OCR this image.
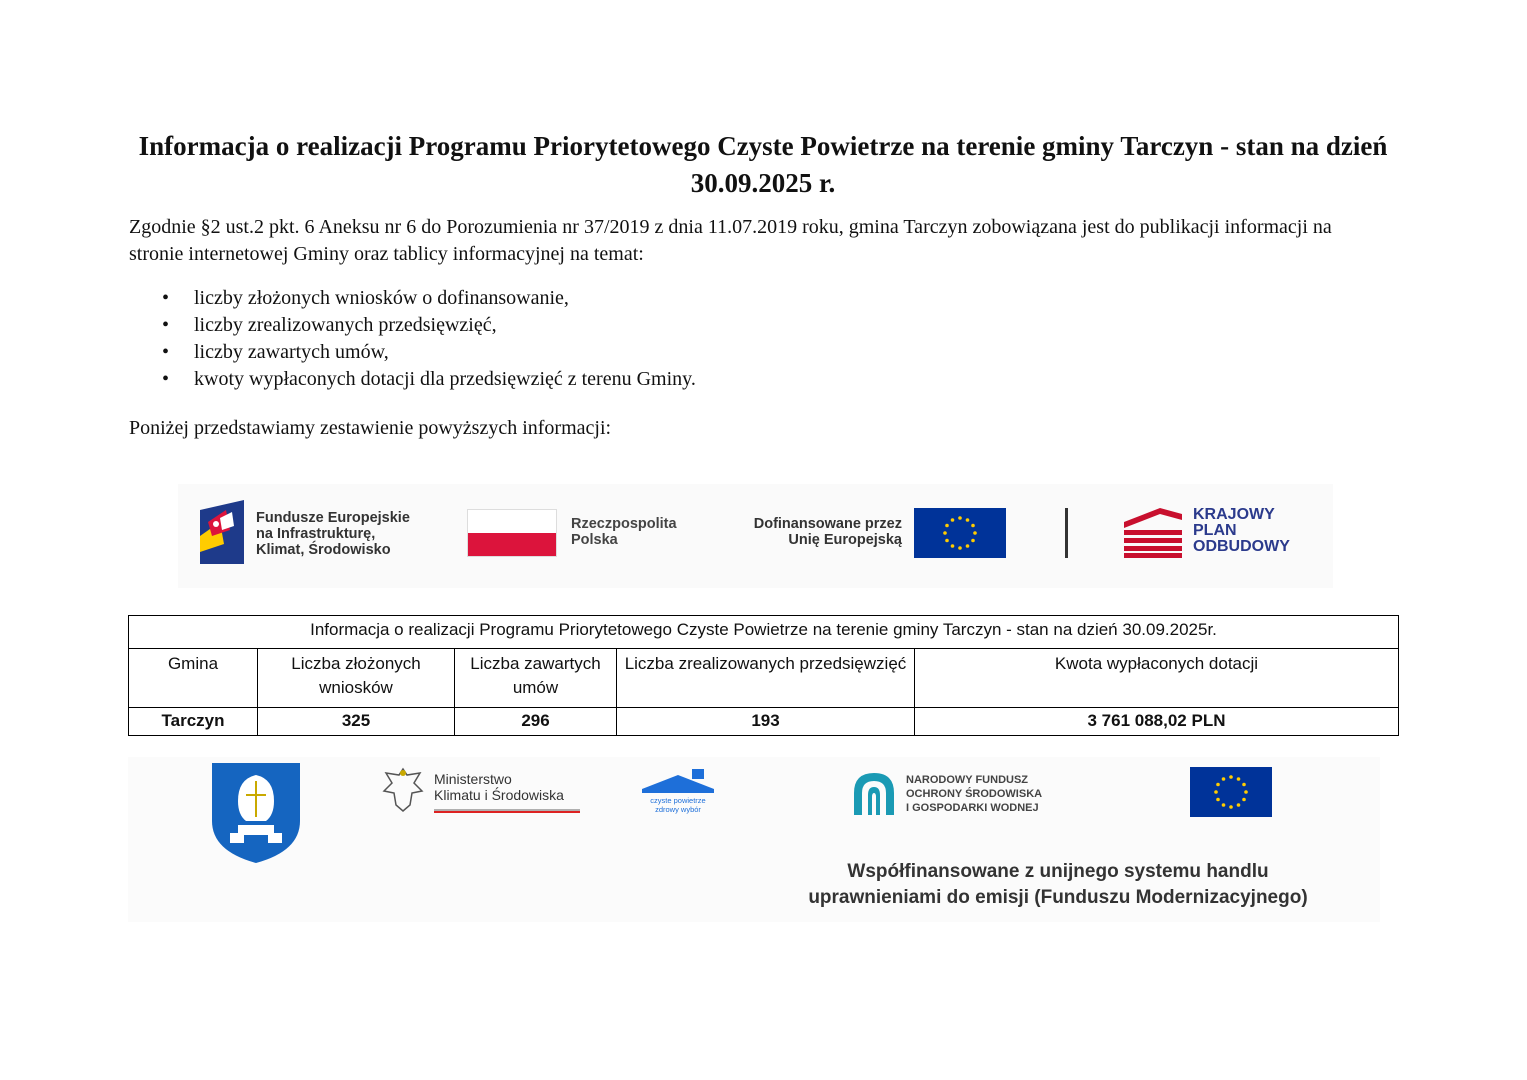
Informacja o realizacji Programu Priorytetowego Czyste Powietrze na terenie gminy Tarczyn - stan na dzień 30.09.2025 r.
Zgodnie §2 ust.2 pkt. 6 Aneksu nr 6 do Porozumienia nr 37/2019 z dnia 11.07.2019 roku, gmina Tarczyn zobowiązana jest do publikacji informacji na stronie internetowej Gminy oraz tablicy informacyjnej na temat:
• liczby złożonych wniosków o dofinansowanie,
• liczby zrealizowanych przedsięwzięć,
• liczby zawartych umów,
• kwoty wypłaconych dotacji dla przedsięwzięć z terenu Gminy.
Poniżej przedstawiamy zestawienie powyższych informacji:
Fundusze Europejskie
na Infrastrukturę,
Klimat, Środowisko
Rzeczpospolita
Polska
Dofinansowane przez
Unię Europejską
KRAJOWY
PLAN
ODBUDOWY
Informacja o realizacji Programu Priorytetowego Czyste Powietrze na terenie gminy Tarczyn - stan na dzień 30.09.2025r.				
Gmina	Liczba złożonych wniosków	Liczba zawartych umów	Liczba zrealizowanych przedsięwzięć	Kwota wypłaconych dotacji
Tarczyn	325	296	193	3 761 088,02 PLN
Ministerstwo
Klimatu i Środowiska	czyste powietrze
zdrowy wybór
NARODOWY FUNDUSZ
OCHRONY ŚRODOWISKA
I GOSPODARKI WODNEJ
Współfinansowane z unijnego systemu handlu
uprawnieniami do emisji (Funduszu Modernizacyjnego)
